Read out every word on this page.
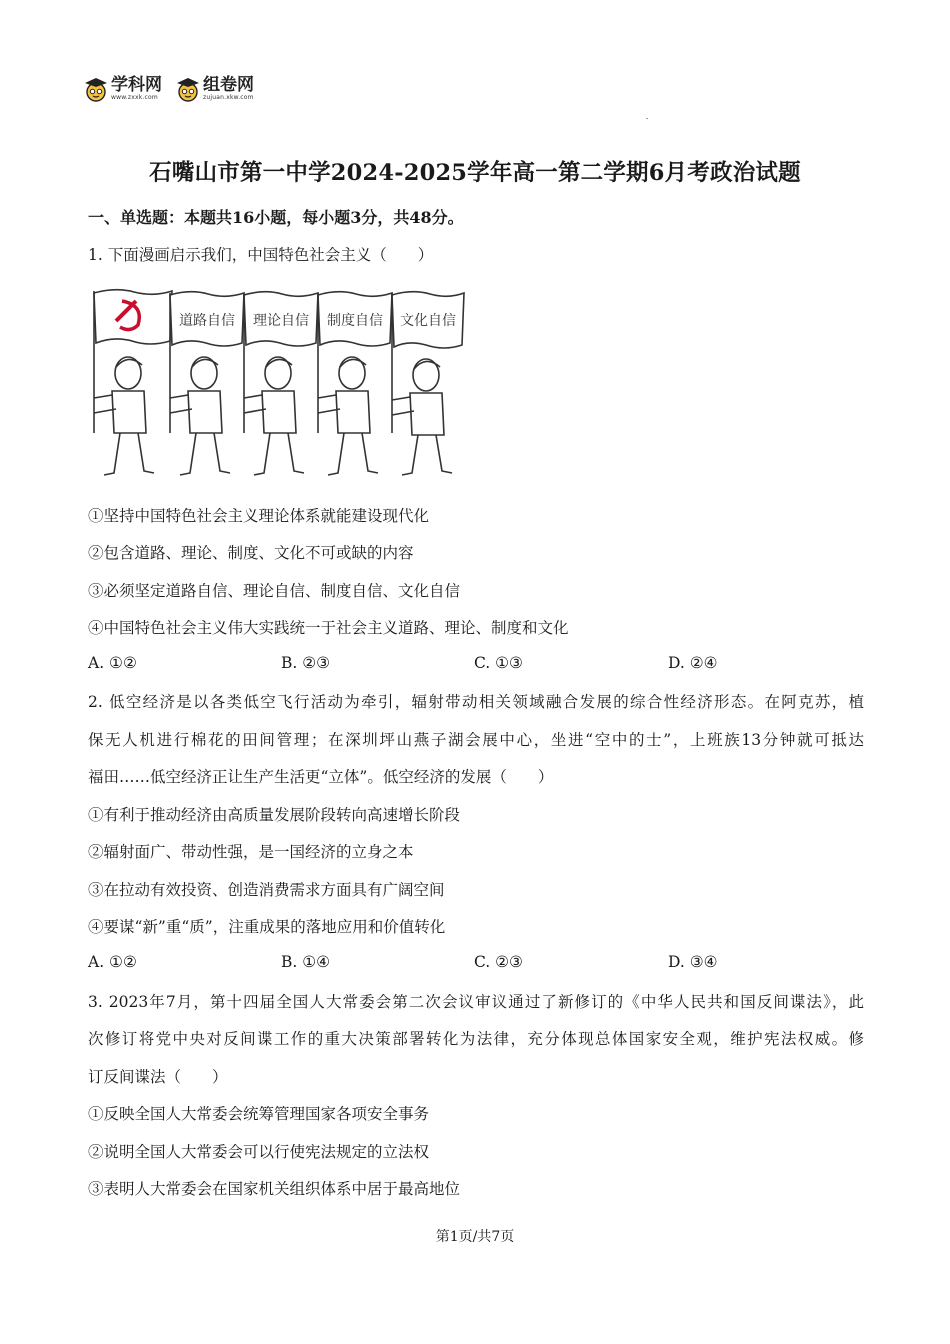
学科网
www.zxxk.com
组卷网
zujuan.xkw.com
石嘴山市第一中学2024-2025学年高一第二学期6月考政治试题
一、单选题：本题共16小题，每小题3分，共48分。
1. 下面漫画启示我们，中国特色社会主义（　　）
道路自信 理论自信 制度自信 文化自信
①坚持中国特色社会主义理论体系就能建设现代化
②包含道路、理论、制度、文化不可或缺的内容
③必须坚定道路自信、理论自信、制度自信、文化自信
④中国特色社会主义伟大实践统一于社会主义道路、理论、制度和文化
A. ①②	B. ②③	C. ①③	D. ②④
2. 低空经济是以各类低空飞行活动为牵引，辐射带动相关领域融合发展的综合性经济形态。在阿克苏，植
保无人机进行棉花的田间管理；在深圳坪山燕子湖会展中心，坐进“空中的士”，上班族13分钟就可抵达
福田……低空经济正让生产生活更“立体”。低空经济的发展（　　）
①有利于推动经济由高质量发展阶段转向高速增长阶段
②辐射面广、带动性强，是一国经济的立身之本
③在拉动有效投资、创造消费需求方面具有广阔空间
④要谋“新”重“质”，注重成果的落地应用和价值转化
A. ①②	B. ①④	C. ②③	D. ③④
3. 2023年7月，第十四届全国人大常委会第二次会议审议通过了新修订的《中华人民共和国反间谍法》，此
次修订将党中央对反间谍工作的重大决策部署转化为法律，充分体现总体国家安全观，维护宪法权威。修
订反间谍法（　　）
①反映全国人大常委会统筹管理国家各项安全事务
②说明全国人大常委会可以行使宪法规定的立法权
③表明人大常委会在国家机关组织体系中居于最高地位
第1页/共7页
